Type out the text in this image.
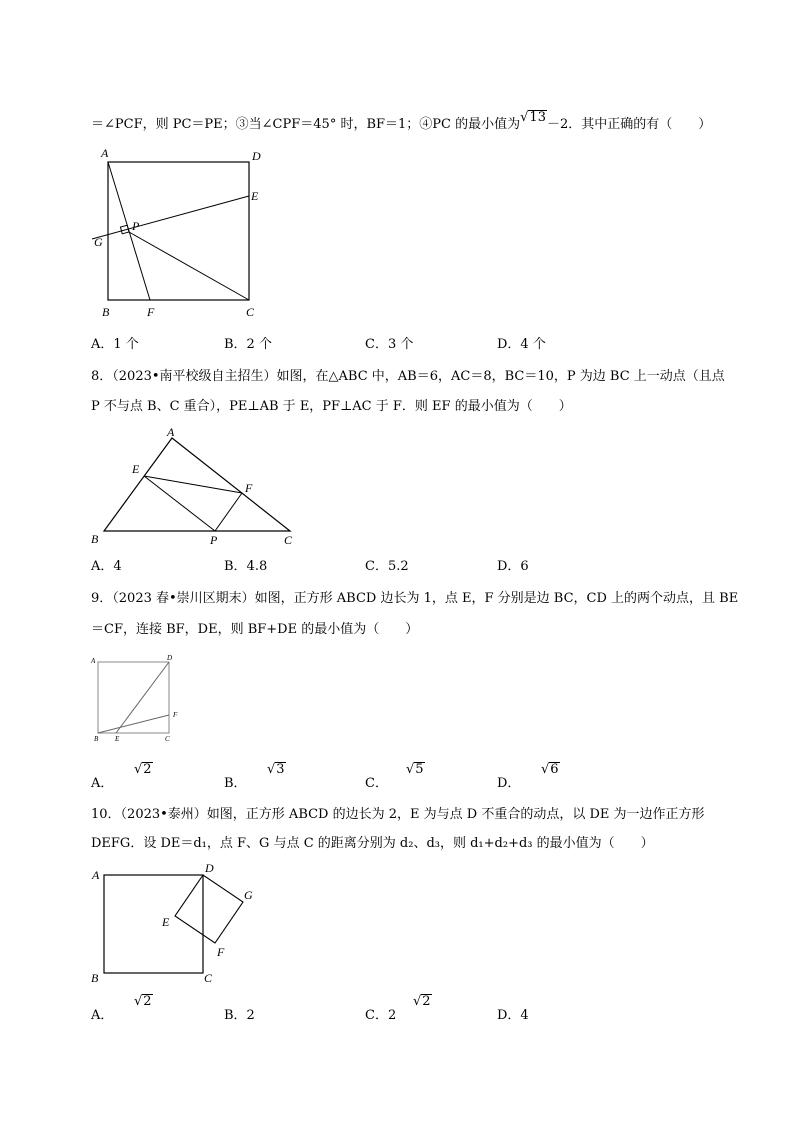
＝∠PCF，则 PC＝PE；③当∠CPF＝45° 时，BF＝1；④PC 的最小值为√13－2．其中正确的有（　　）
A	D
E
P
G
B	F	C
A．1 个	B．2 个	C．3 个	D．4 个
8．（2023•南平校级自主招生）如图，在△ABC 中，AB＝6，AC＝8，BC＝10，P 为边 BC 上一动点（且点
P 不与点 B、C 重合），PE⊥AB 于 E，PF⊥AC 于 F．则 EF 的最小值为（　　）
A
E
F
B	P	C
A．4	B．4.8	C．5.2	D．6
9．（2023 春•崇川区期末）如图，正方形 ABCD 边长为 1，点 E，F 分别是边 BC，CD 上的两个动点，且 BE
＝CF，连接 BF，DE，则 BF+DE 的最小值为（　　）
A	D
F
B E	C
A．
√2
B．
√3
C．
√5
D．
√6
10．（2023•泰州）如图，正方形 ABCD 的边长为 2，E 为与点 D 不重合的动点，以 DE 为一边作正方形
DEFG．设 DE＝d₁，点 F、G 与点 C 的距离分别为 d₂、d₃，则 d₁+d₂+d₃ 的最小值为（　　）
A	D
G
E
F
B	C
A．
√2
B．2	C．2
√2
D．4
